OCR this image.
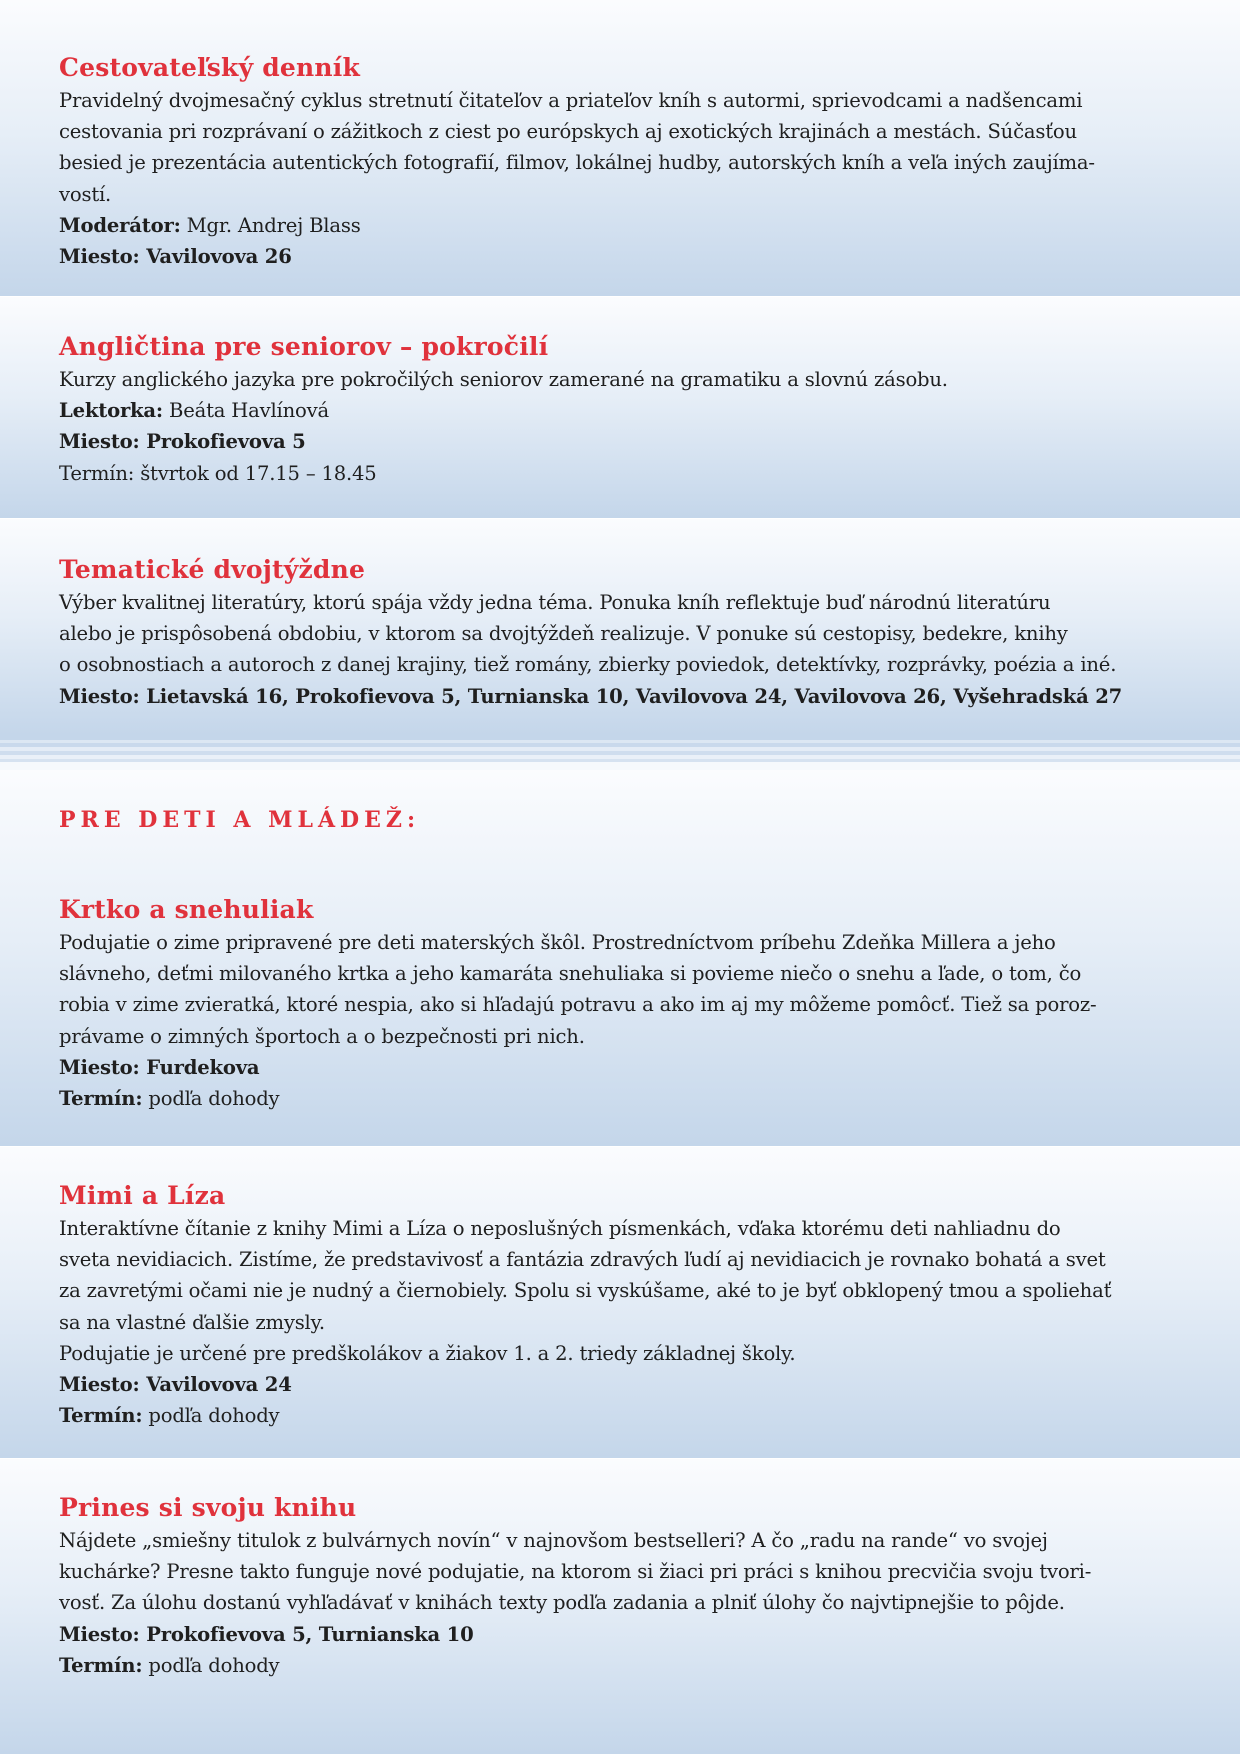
Cestovateľský denník

Pravidelný dvojmesačný cyklus stretnutí čitateľov a priateľov kníh s autormi, sprievodcami a nadšencami

cestovania pri rozprávaní o zážitkoch z ciest po európskych aj exotických krajinách a mestách. Súčasťou

besied je prezentácia autentických fotografií, filmov, lokálnej hudby, autorských kníh a veľa iných zaujíma-

vostí.

Moderátor: Mgr. Andrej Blass

Miesto: Vavilovova 26

Angličtina pre seniorov – pokročilí

Kurzy anglického jazyka pre pokročilých seniorov zamerané na gramatiku a slovnú zásobu.

Lektorka: Beáta Havlínová

Miesto: Prokofievova 5

Termín: štvrtok od 17.15 – 18.45

Tematické dvojtýždne

Výber kvalitnej literatúry, ktorú spája vždy jedna téma. Ponuka kníh reflektuje buď národnú literatúru

alebo je prispôsobená obdobiu, v ktorom sa dvojtýždeň realizuje. V ponuke sú cestopisy, bedekre, knihy

o osobnostiach a autoroch z danej krajiny, tiež romány, zbierky poviedok, detektívky, rozprávky, poézia a iné.

Miesto: Lietavská 16, Prokofievova 5, Turnianska 10, Vavilovova 24, Vavilovova 26, Vyšehradská 27

PRE DETI A MLÁDEŽ:
Krtko a snehuliak

Podujatie o zime pripravené pre deti materských škôl. Prostredníctvom príbehu Zdeňka Millera a jeho

slávneho, deťmi milovaného krtka a jeho kamaráta snehuliaka si povieme niečo o snehu a ľade, o tom, čo

robia v zime zvieratká, ktoré nespia, ako si hľadajú potravu a ako im aj my môžeme pomôcť. Tiež sa poroz-

právame o zimných športoch a o bezpečnosti pri nich.

Miesto: Furdekova

Termín: podľa dohody

Mimi a Líza

Interaktívne čítanie z knihy Mimi a Líza o neposlušných písmenkách, vďaka ktorému deti nahliadnu do

sveta nevidiacich. Zistíme, že predstavivosť a fantázia zdravých ľudí aj nevidiacich je rovnako bohatá a svet

za zavretými očami nie je nudný a čiernobiely. Spolu si vyskúšame, aké to je byť obklopený tmou a spoliehať

sa na vlastné ďalšie zmysly.

Podujatie je určené pre predškolákov a žiakov 1. a 2. triedy základnej školy.

Miesto: Vavilovova 24

Termín: podľa dohody

Prines si svoju knihu

Nájdete „smiešny titulok z bulvárnych novín“ v najnovšom bestselleri? A čo „radu na rande“ vo svojej

kuchárke? Presne takto funguje nové podujatie, na ktorom si žiaci pri práci s knihou precvičia svoju tvori-

vosť. Za úlohu dostanú vyhľadávať v knihách texty podľa zadania a plniť úlohy čo najvtipnejšie to pôjde.

Miesto: Prokofievova 5, Turnianska 10

Termín: podľa dohody
